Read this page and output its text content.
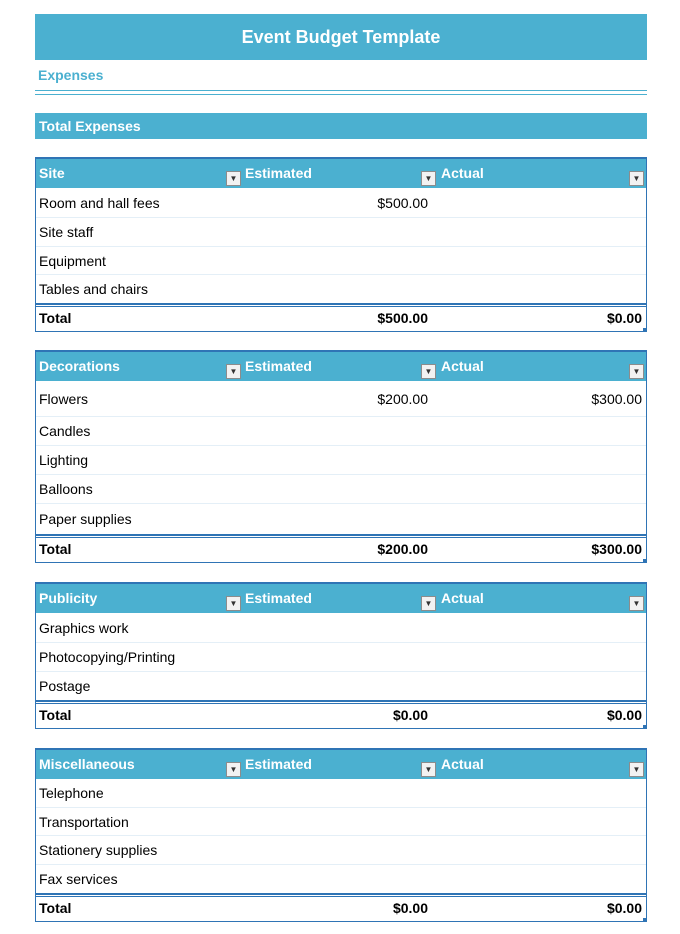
Event Budget Template
Expenses
Total Expenses
Site	▼ Estimated	▼ Actual	▼
Room and hall fees	$500.00
Site staff
Equipment
Tables and chairs
Total	$500.00	$0.00
Decorations	▼ Estimated	▼ Actual	▼
Flowers	$200.00	$300.00
Candles
Lighting
Balloons
Paper supplies
Total	$200.00	$300.00
Publicity	▼ Estimated	▼ Actual	▼
Graphics work
Photocopying/Printing
Postage
Total	$0.00	$0.00
Miscellaneous	▼ Estimated	▼ Actual	▼
Telephone
Transportation
Stationery supplies
Fax services
Total	$0.00	$0.00
